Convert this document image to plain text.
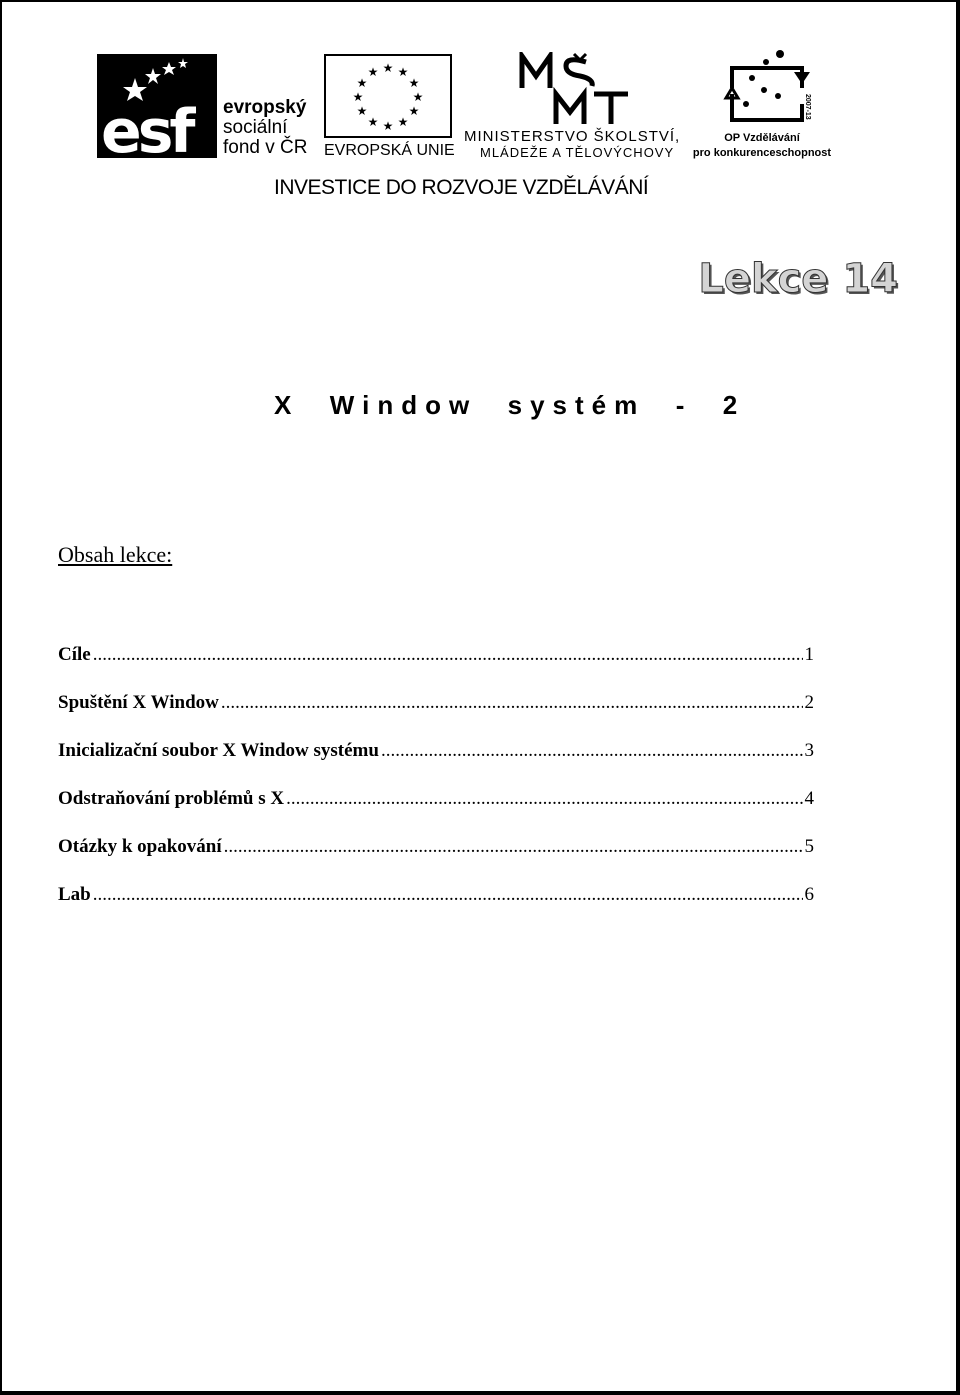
esf	evropský
sociální
fond v ČR
★ ★
★
★
★
★
★
★
★
★
★
★
EVROPSKÁ UNIE
MINISTERSTVO ŠKOLSTVÍ,
MLÁDEŽE A TĚLOVÝCHOVY
2007-13
OP Vzdělávání
pro konkurenceschopnost
INVESTICE DO ROZVOJE VZDĚLÁVÁNÍ
Lekce 14
X  Window  systém  -  2
Obsah lekce:
Cíle .....	1
Spuštění X Window .....	2
Inicializační soubor X Window systému .....	3
Odstraňování problémů s X .....	4
Otázky k opakování .....	5
Lab .....	6
